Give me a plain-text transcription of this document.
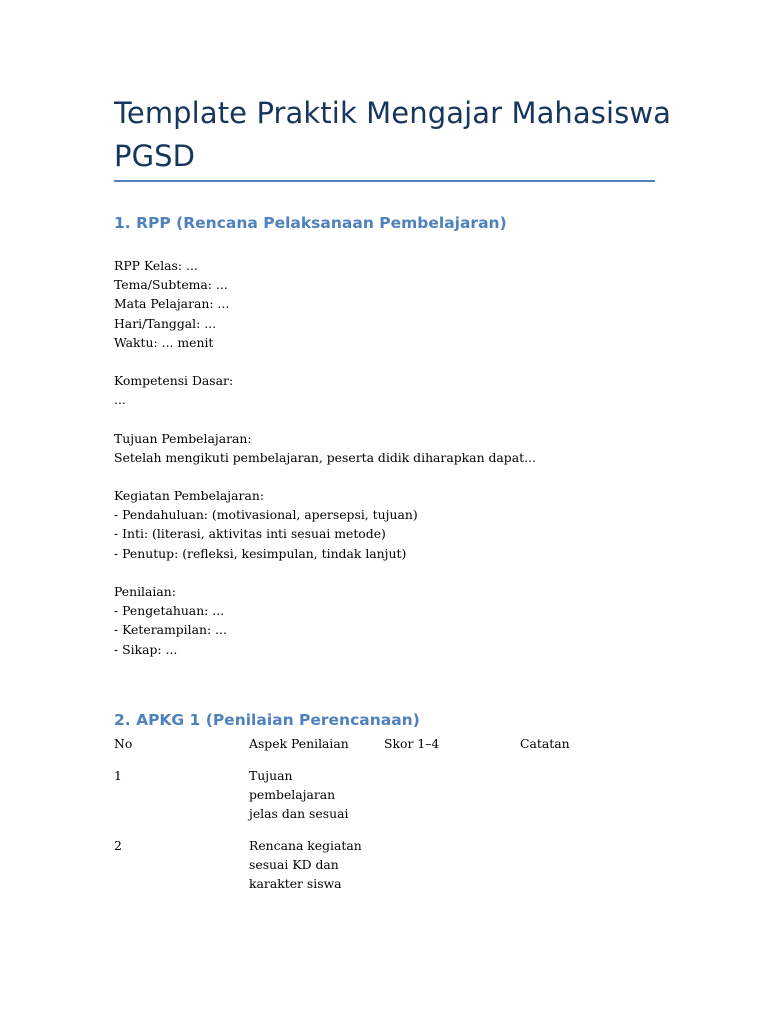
Template Praktik Mengajar Mahasiswa
PGSD
1. RPP (Rencana Pelaksanaan Pembelajaran)
RPP Kelas: ...
Tema/Subtema: ...
Mata Pelajaran: ...
Hari/Tanggal: ...
Waktu: ... menit
Kompetensi Dasar:
...
Tujuan Pembelajaran:
Setelah mengikuti pembelajaran, peserta didik diharapkan dapat...
Kegiatan Pembelajaran:
- Pendahuluan: (motivasional, apersepsi, tujuan)
- Inti: (literasi, aktivitas inti sesuai metode)
- Penutup: (refleksi, kesimpulan, tindak lanjut)
Penilaian:
- Pengetahuan: ...
- Keterampilan: ...
- Sikap: ...
2. APKG 1 (Penilaian Perencanaan)
No	Aspek Penilaian	Skor 1–4	Catatan
1	Tujuan pembelajaran jelas dan sesuai
2	Rencana kegiatan sesuai KD dan karakter siswa
